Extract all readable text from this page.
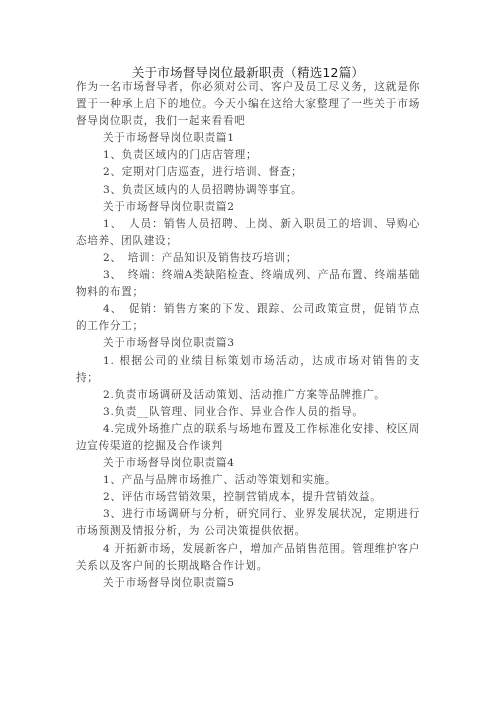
关于市场督导岗位最新职责（精选12篇）

作为一名市场督导者，你必须对公司、客户及员工尽义务，这就是你置于一种承上启下的地位。今天小编在这给大家整理了一些关于市场督导岗位职责，我们一起来看看吧

关于市场督导岗位职责篇1

1、负责区域内的门店店管理；

2、定期对门店巡查，进行培训、督查；

3、负责区域内的人员招聘协调等事宜。

关于市场督导岗位职责篇2

1、　人员：销售人员招聘、上岗、新入职员工的培训、导购心态培养、团队建设；

2、　培训：产品知识及销售技巧培训；

3、　终端：终端A类缺陷检查、终端成列、产品布置、终端基础物料的布置；

4、　促销：销售方案的下发、跟踪、公司政策宣贯，促销节点的工作分工；

关于市场督导岗位职责篇3

1. 根据公司的业绩目标策划市场活动，达成市场对销售的支持；

2.负责市场调研及活动策划、活动推广方案等品牌推广。

3.负责__队管理、同业合作、异业合作人员的指导。

4.完成外场推广点的联系与场地布置及工作标准化安排、校区周边宣传渠道的挖掘及合作谈判

关于市场督导岗位职责篇4

1、产品与品牌市场推广、活动等策划和实施。

2、评估市场营销效果，控制营销成本，提升营销效益。

3、进行市场调研与分析，研究同行、业界发展状况，定期进行市场预测及情报分析，为 公司决策提供依据。

4 开拓新市场，发展新客户，增加产品销售范围。管理维护客户关系以及客户间的长期战略合作计划。

关于市场督导岗位职责篇5
